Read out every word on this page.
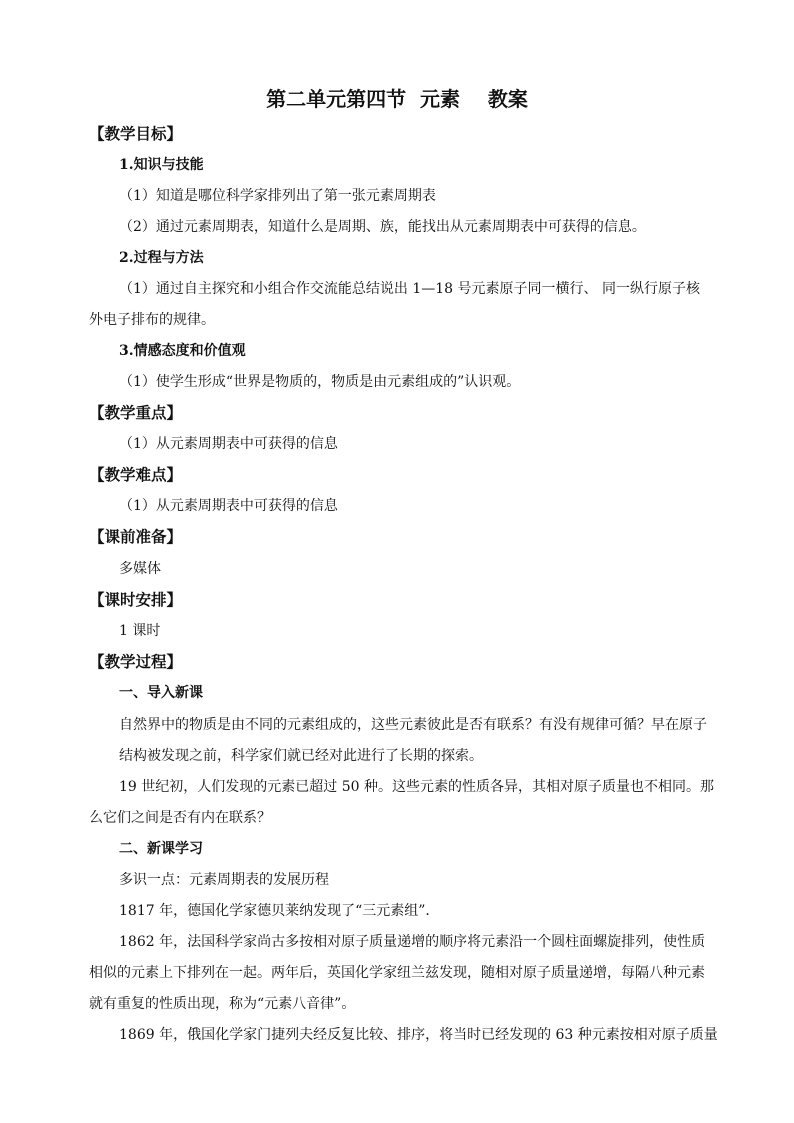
第二单元第四节  元素    教案
【教学目标】
1.知识与技能
（1）知道是哪位科学家排列出了第一张元素周期表
（2）通过元素周期表，知道什么是周期、族，能找出从元素周期表中可获得的信息。
2.过程与方法
（1）通过自主探究和小组合作交流能总结说出 1—18 号元素原子同一横行、 同一纵行原子核
外电子排布的规律。
3.情感态度和价值观
（1）使学生形成“世界是物质的，物质是由元素组成的”认识观。
【教学重点】
（1）从元素周期表中可获得的信息
【教学难点】
（1）从元素周期表中可获得的信息
【课前准备】
多媒体
【课时安排】
1 课时
【教学过程】
一、导入新课
自然界中的物质是由不同的元素组成的，这些元素彼此是否有联系？有没有规律可循？早在原子
结构被发现之前，科学家们就已经对此进行了长期的探索。
19 世纪初，人们发现的元素已超过 50 种。这些元素的性质各异，其相对原子质量也不相同。那
么它们之间是否有内在联系？
二、新课学习
多识一点：元素周期表的发展历程
1817 年，德国化学家德贝莱纳发现了“三元素组”．
1862 年，法国科学家尚古多按相对原子质量递增的顺序将元素沿一个圆柱面螺旋排列，使性质
相似的元素上下排列在一起。两年后，英国化学家纽兰兹发现，随相对原子质量递增，每隔八种元素
就有重复的性质出现，称为“元素八音律”。
1869 年，俄国化学家门捷列夫经反复比较、排序，将当时已经发现的 63 种元素按相对原子质量
